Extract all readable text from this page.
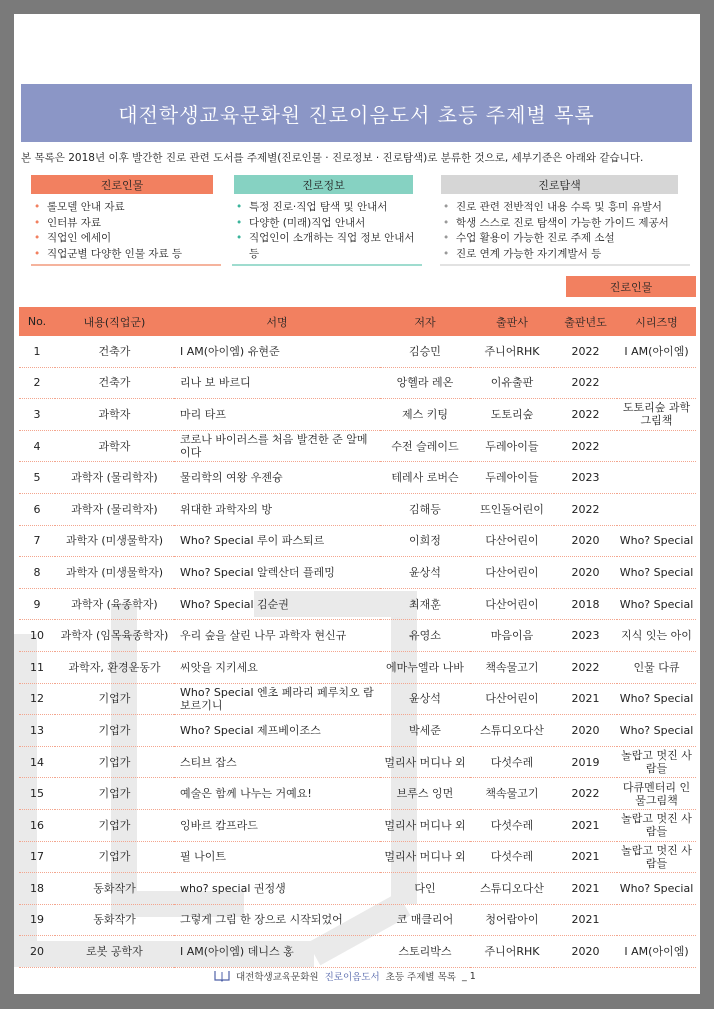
대전학생교육문화원 진로이음도서 초등 주제별 목록
본 목록은 2018년 이후 발간한 진로 관련 도서를 주제별(진로인물 · 진로정보 · 진로탐색)로 분류한 것으로, 세부기준은 아래와 같습니다.
진로인물	진로정보	진로탐색
• 롤모델 안내 자료
• 인터뷰 자료
• 직업인 에세이
• 직업군별 다양한 인물 자료 등
• 특정 진로·직업 탐색 및 안내서
• 다양한 (미래)직업 안내서
• 직업인이 소개하는 직업 정보 안내서 등
• 진로 관련 전반적인 내용 수록 및 흥미 유발서
• 학생 스스로 진로 탐색이 가능한 가이드 제공서
• 수업 활용이 가능한 진로 주제 소설
• 진로 연계 가능한 자기계발서 등
진로인물
No.	내용(직업군)	서명	저자	출판사	출판년도	시리즈명
1	건축가	I AM(아이엠) 유현준	김승민	주니어RHK	2022	I AM(아이엠)
2	건축가	리나 보 바르디	앙헬라 레온	이유출판	2022	
3	과학자	마리 타프	제스 키팅	도토리숲	2022	도토리숲 과학그림책
4	과학자	코로나 바이러스를 처음 발견한 준 알메이다	수전 슬레이드	두레아이들	2022	
5	과학자 (물리학자)	물리학의 여왕 우젠슝	테레사 로버슨	두레아이들	2023	
6	과학자 (물리학자)	위대한 과학자의 방	김해등	뜨인돌어린이	2022	
7	과학자 (미생물학자)	Who? Special 루이 파스퇴르	이희정	다산어린이	2020	Who? Special
8	과학자 (미생물학자)	Who? Special 알렉산더 플레밍	윤상석	다산어린이	2020	Who? Special
9	과학자 (육종학자)	Who? Special 김순권	최재훈	다산어린이	2018	Who? Special
10	과학자 (임목육종학자)	우리 숲을 살린 나무 과학자 현신규	유영소	마음이음	2023	지식 잇는 아이
11	과학자, 환경운동가	씨앗을 지키세요	에마누엘라 나바	책속물고기	2022	인물 다큐
12	기업가	Who? Special 엔초 페라리 페루치오 람보르기니	윤상석	다산어린이	2021	Who? Special
13	기업가	Who? Special 제프베이조스	박세준	스튜디오다산	2020	Who? Special
14	기업가	스티브 잡스	멀리사 머디나 외	다섯수레	2019	놀랍고 멋진 사람들
15	기업가	예술은 함께 나누는 거예요!	브루스 잉먼	책속물고기	2022	다큐멘터리 인물그림책
16	기업가	잉바르 캄프라드	멀리사 머디나 외	다섯수레	2021	놀랍고 멋진 사람들
17	기업가	필 나이트	멀리사 머디나 외	다섯수레	2021	놀랍고 멋진 사람들
18	동화작가	who? special 권정생	다인	스튜디오다산	2021	Who? Special
19	동화작가	그렇게 그림 한 장으로 시작되었어	코 매클리어	청어람아이	2021	
20	로봇 공학자	I AM(아이엠) 데니스 홍	스토리박스	주니어RHK	2020	I AM(아이엠)
대전학생교육문화원 진로이음도서 초등 주제별 목록 _ 1
